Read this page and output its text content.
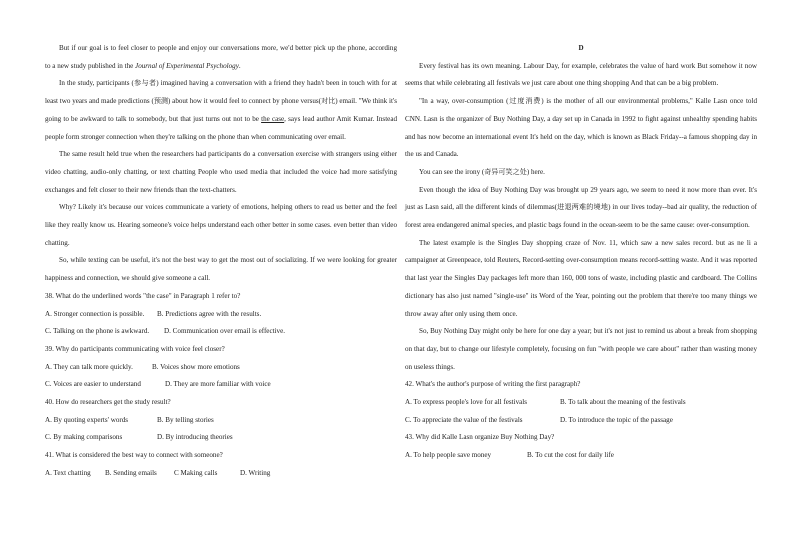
But if our goal is to feel closer to people and enjoy our conversations more, we'd better pick up the phone, according to a new study published in the Journal of Experimental Psychology.

In the study, participants (参与者) imagined having a conversation with a friend they hadn't been in touch with for at least two years and made predictions (预测) about how it would feel to connect by phone versus(对比) email. "We think it's going to be awkward to talk to somebody, but that just turns out not to be the case, says lead author Amit Kumar. Instead people form stronger connection when they're talking on the phone than when communicating over email.

The same result held true when the researchers had participants do a conversation exercise with strangers using either video chatting, audio-only chatting, or text chatting People who used media that included the voice had more satisfying exchanges and felt closer to their new friends than the text-chatters.

Why? Likely it's because our voices communicate a variety of emotions, helping others to read us better and the feel like they really know us. Hearing someone's voice helps understand each other better in some cases. even better than video chatting.

So, while texting can be useful, it's not the best way to get the most out of socializing. If we were looking for greater happiness and connection, we should give someone a call.

38. What do the underlined words "the case" in Paragraph 1 refer to?

A. Stronger connection is possible.	B. Predictions agree with the results.

C. Talking on the phone is awkward.	D. Communication over email is effective.

39. Why do participants communicating with voice feel closer?

A. They can talk more quickly.	B. Voices show more emotions

C. Voices are easier to understand	D. They are more familiar with voice

40. How do researchers get the study result?

A. By quoting experts' words	B. By telling stories

C. By making comparisons	D. By introducing theories

41. What is considered the best way to connect with someone?

A. Text chatting	B. Sending emails	C Making calls	D. Writing

D

Every festival has its own meaning. Labour Day, for example, celebrates the value of hard work But somehow it now seems that while celebrating all festivals we just care about one thing shopping And that can be a big problem.

"In a way, over-consumption (过度消费) is the mother of all our environmental problems," Kalle Lasn once told CNN. Lasn is the organizer of Buy Nothing Day, a day set up in Canada in 1992 to fight against unhealthy spending habits and has now become an international event It's held on the day, which is known as Black Friday--a famous shopping day in the us and Canada.

You can see the irony (奇异可笑之处) here.

Even though the idea of Buy Nothing Day was brought up 29 years ago, we seem to need it now more than ever. It's just as Lasn said, all the different kinds of dilemmas(进退两难的境地) in our lives today--bad air quality, the reduction of forest area endangered animal species, and plastic bags found in the ocean-seem to be the same cause: over-consumption.

The latest example is the Singles Day shopping craze of Nov. 11, which saw a new sales record. but as ne li a campaigner at Greenpeace, told Reuters, Record-setting over-consumption means record-setting waste. And it was reported that last year the Singles Day packages left more than 160, 000 tons of waste, including plastic and cardboard. The Collins dictionary has also just named "single-use" its Word of the Year, pointing out the problem that there're too many things we throw away after only using them once.

So, Buy Nothing Day might only be here for one day a year; but it's not just to remind us about a break from shopping on that day, but to change our lifestyle completely, focusing on fun "with people we care about" rather than wasting money on useless things.

42. What's the author's purpose of writing the first paragraph?

A. To express people's love for all festivals	B. To talk about the meaning of the festivals

C. To appreciate the value of the festivals	D. To introduce the topic of the passage

43. Why did Kalle Lasn organize Buy Nothing Day?

A. To help people save money	B. To cut the cost for daily life
